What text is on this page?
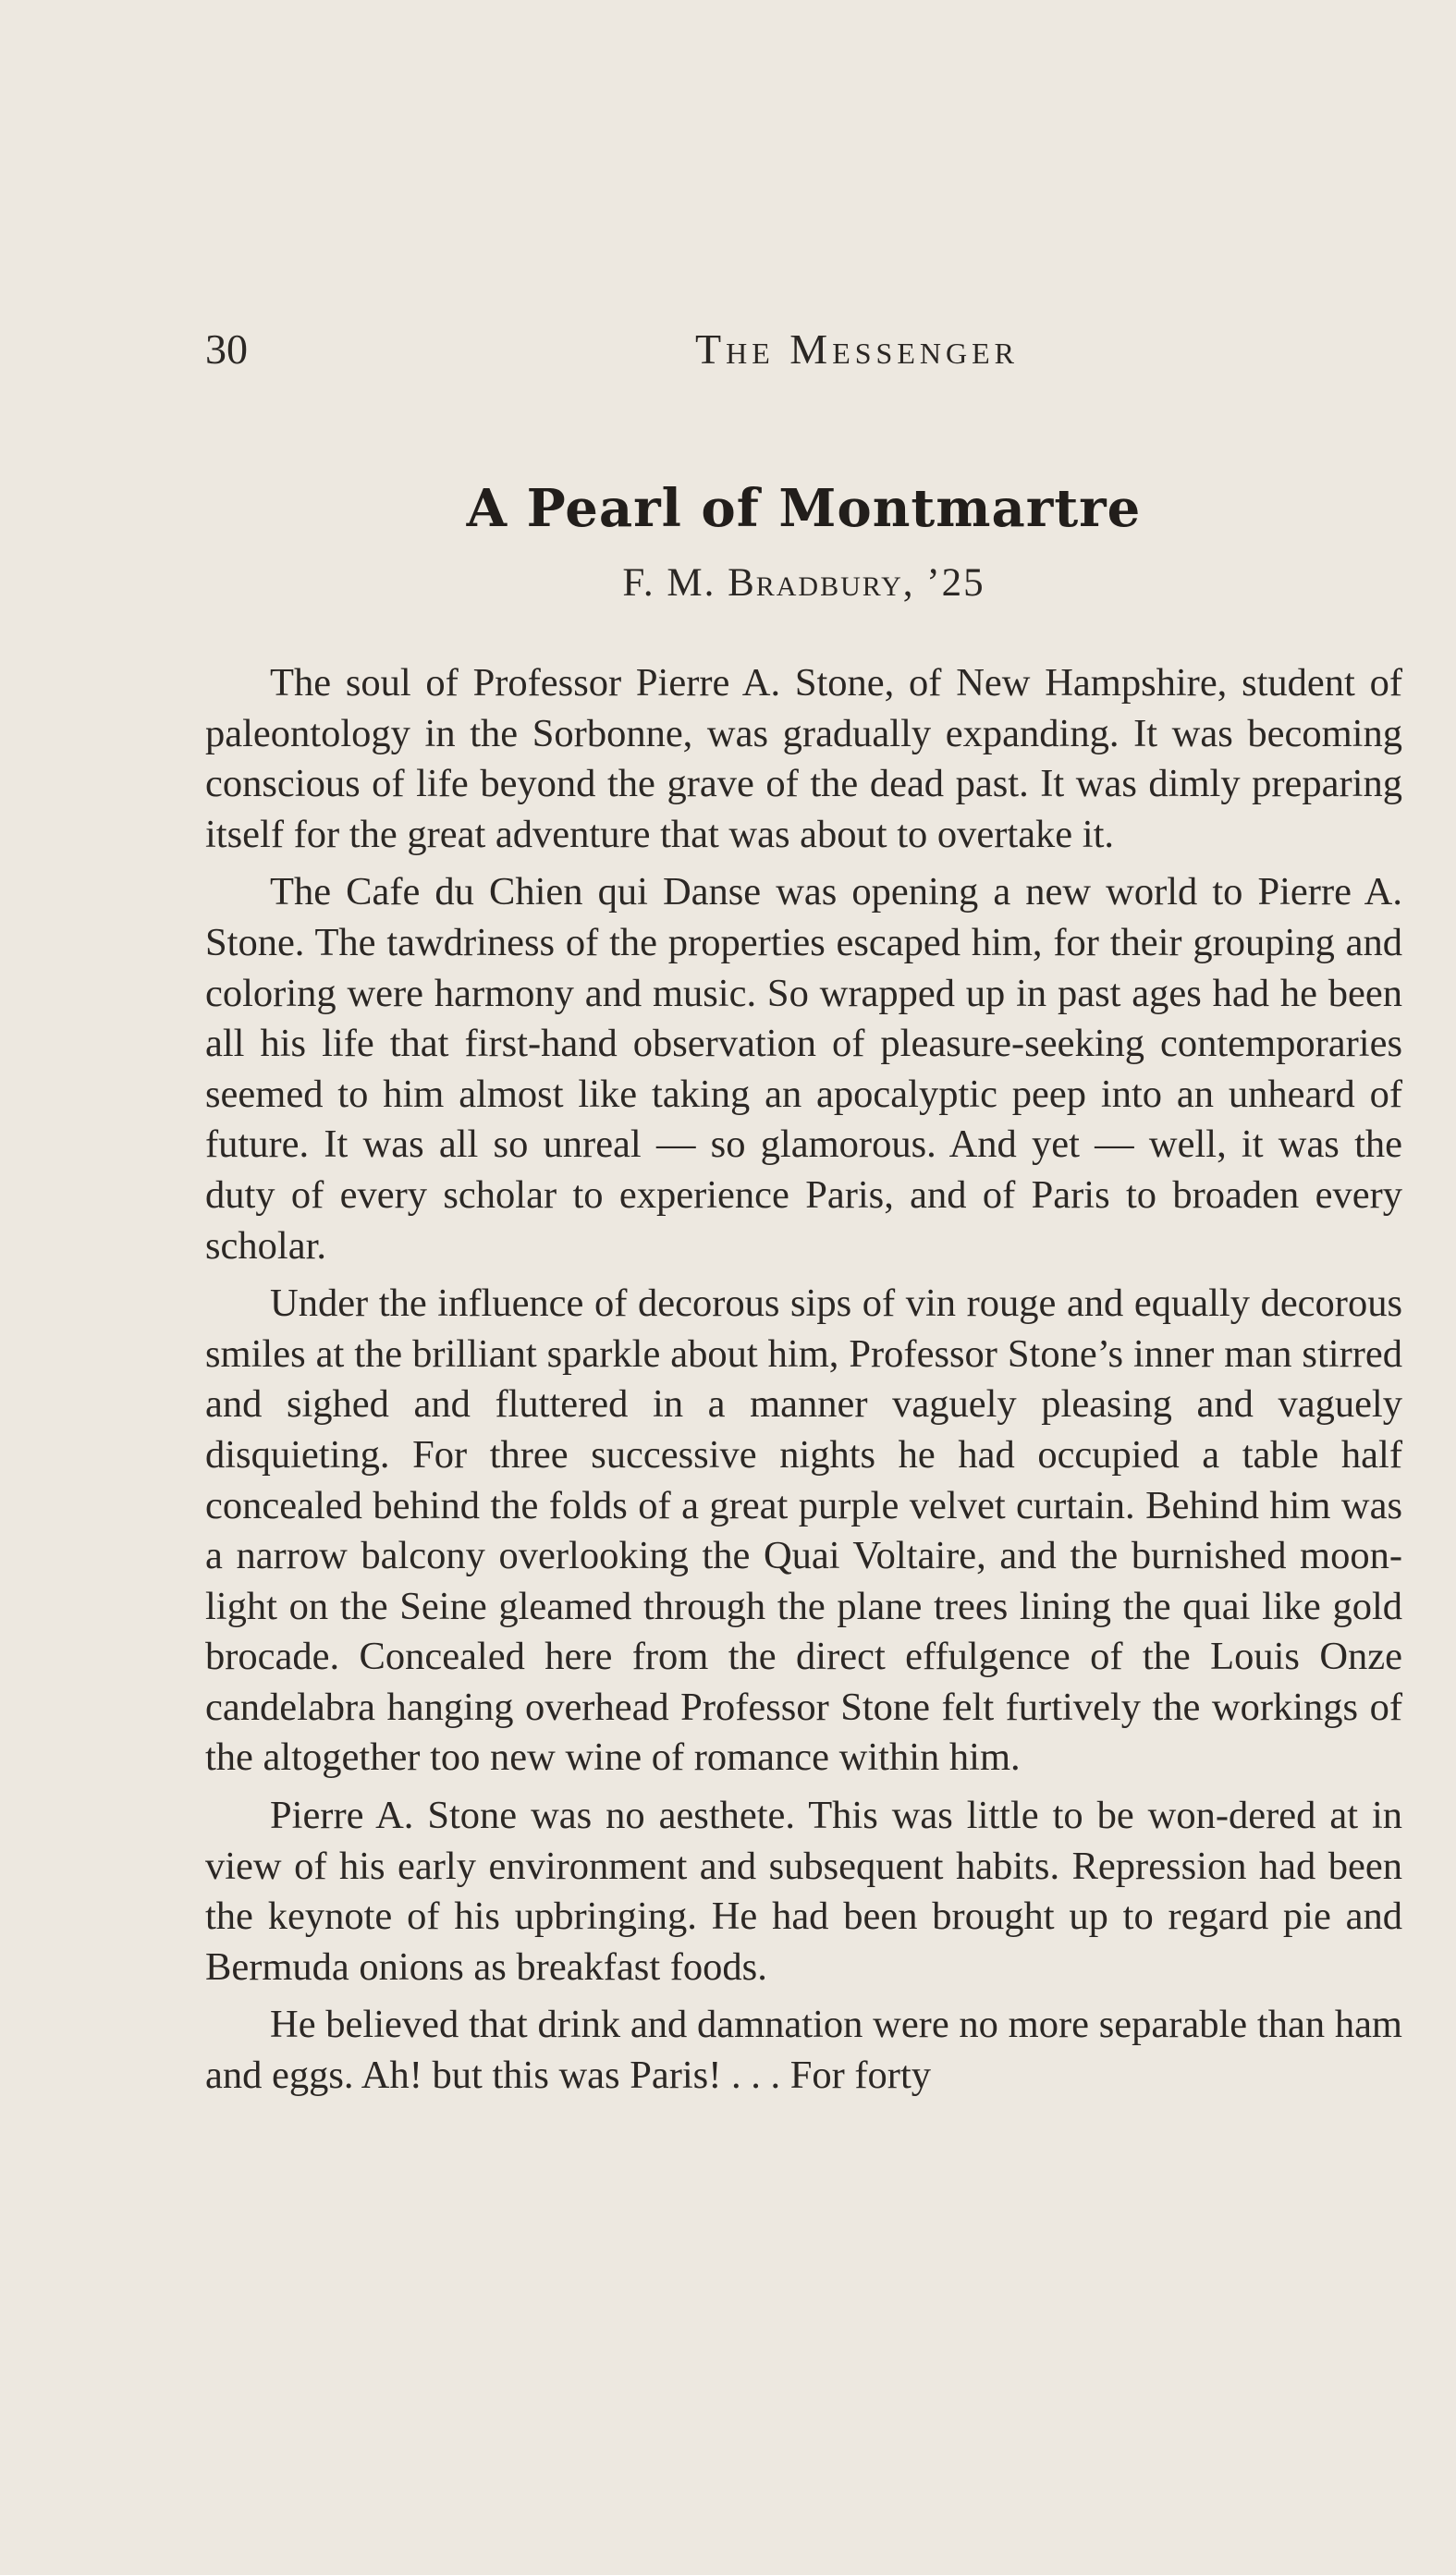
30	The Messenger
A Pearl of Montmartre
F. M. Bradbury, ’25

The soul of Professor Pierre A. Stone, of New Hampshire, student of paleontology in the Sorbonne, was gradually expanding. It was becoming conscious of life beyond the grave of the dead past. It was dimly preparing itself for the great adventure that was about to overtake it.

The Cafe du Chien qui Danse was opening a new world to Pierre A. Stone. The tawdriness of the properties escaped him, for their grouping and coloring were harmony and music. So wrapped up in past ages had he been all his life that first-hand observation of pleasure-seeking contemporaries seemed to him almost like taking an apocalyptic peep into an unheard of future. It was all so unreal — so glamorous. And yet — well, it was the duty of every scholar to experience Paris, and of Paris to broaden every scholar.

Under the influence of decorous sips of vin rouge and equally decorous smiles at the brilliant sparkle about him, Professor Stone’s inner man stirred and sighed and fluttered in a manner vaguely pleasing and vaguely disquieting. For three successive nights he had occupied a table half concealed behind the folds of a great purple velvet curtain. Behind him was a narrow balcony overlooking the Quai Voltaire, and the burnished moon-light on the Seine gleamed through the plane trees lining the quai like gold brocade. Concealed here from the direct effulgence of the Louis Onze candelabra hanging overhead Professor Stone felt furtively the workings of the altogether too new wine of romance within him.

Pierre A. Stone was no aesthete. This was little to be won-dered at in view of his early environment and subsequent habits. Repression had been the keynote of his upbringing. He had been brought up to regard pie and Bermuda onions as breakfast foods.

He believed that drink and damnation were no more separable than ham and eggs. Ah! but this was Paris! . . . For forty
